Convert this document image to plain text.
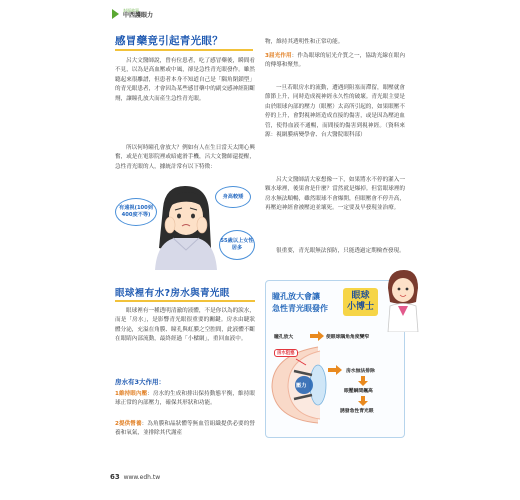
封面故事
中西護眼力
感冒藥竟引起青光眼？

呂大文醫師說，曾有位患者，吃了感冒藥後，瞬間看不見，以為是高血壓或中風，卻是急性青光眼發作。雖然聽起來很離譜，但患者本身不知道自己是「隅角閉鎖型」的青光眼患者，才會因為某些感冒藥中的副交感神經阻斷劑，讓瞳孔放大而產生急性青光眼。

所以何時瞳孔會放大？例如有人在生日當天太開心興奮，或是在電影院裡或暗處滑手機，呂大文醫師還提醒，急性青光眼的人，據統計常有以下特徵：

有遠視(100到400度不等)
身高較矮
55歲以上女性居多
眼球裡有水?房水與青光眼

眼球裡有一種透明清澈的液體，不是你以為的淚水，而是「房水」，是影響青光眼很重要的關鍵。房水由睫狀體分泌，充溢在角膜、瞳孔與虹膜之空腔間，此液體不斷在眼睛內部流動，最終經過「小樑網」，重回血液中。

房水有3大作用：

1維持眼內壓：房水的生成和排出保持動態平衡，維持眼球正常的內部壓力，確保其形狀和功能。

2提供營養：為角膜和晶狀體等無血管組織提供必要的營養和氧氣，並排除其代謝產

物，維持其透明性和正常功能。

3屈光作用：作為眼球的屈光介質之一，協助光線在眼內的傳導和聚焦。

一旦若眼房水的流動，遭遇到阻塞而滯留，眼壓就會節節上升，同時造成視神經永久性的破壞。青光眼主要是由於眼球內部的壓力（眼壓）太高所引起的，如果眼壓不停的上升，會對視神經造成直接的傷害，或是因為壓迫血管，使得血液不通暢，而間接的傷害到視神經。（資料來源：視網膜病變學會、台大醫院眼科部）

呂大文醫師請大家想像一下，如果將水不停的灌入一顆水球裡，後果會是什麼？當然就是爆掉。但當眼球裡的房水無法順暢，雖然眼球不會爆開，但眼壓會不停升高，再壓迫神經會被壓迫並壞死。一定要及早發現並治療。

很重要，青光眼無法預防，只能透過定期檢查發現。

瞳孔放大會讓
急性青光眼發作
瞳孔放大	使眼球隅角角度變窄
房水阻塞
壓力
房水無法排除
眼壓瞬間飆高
誘發急性青光眼
眼球
小博士
63 www.edh.tw
